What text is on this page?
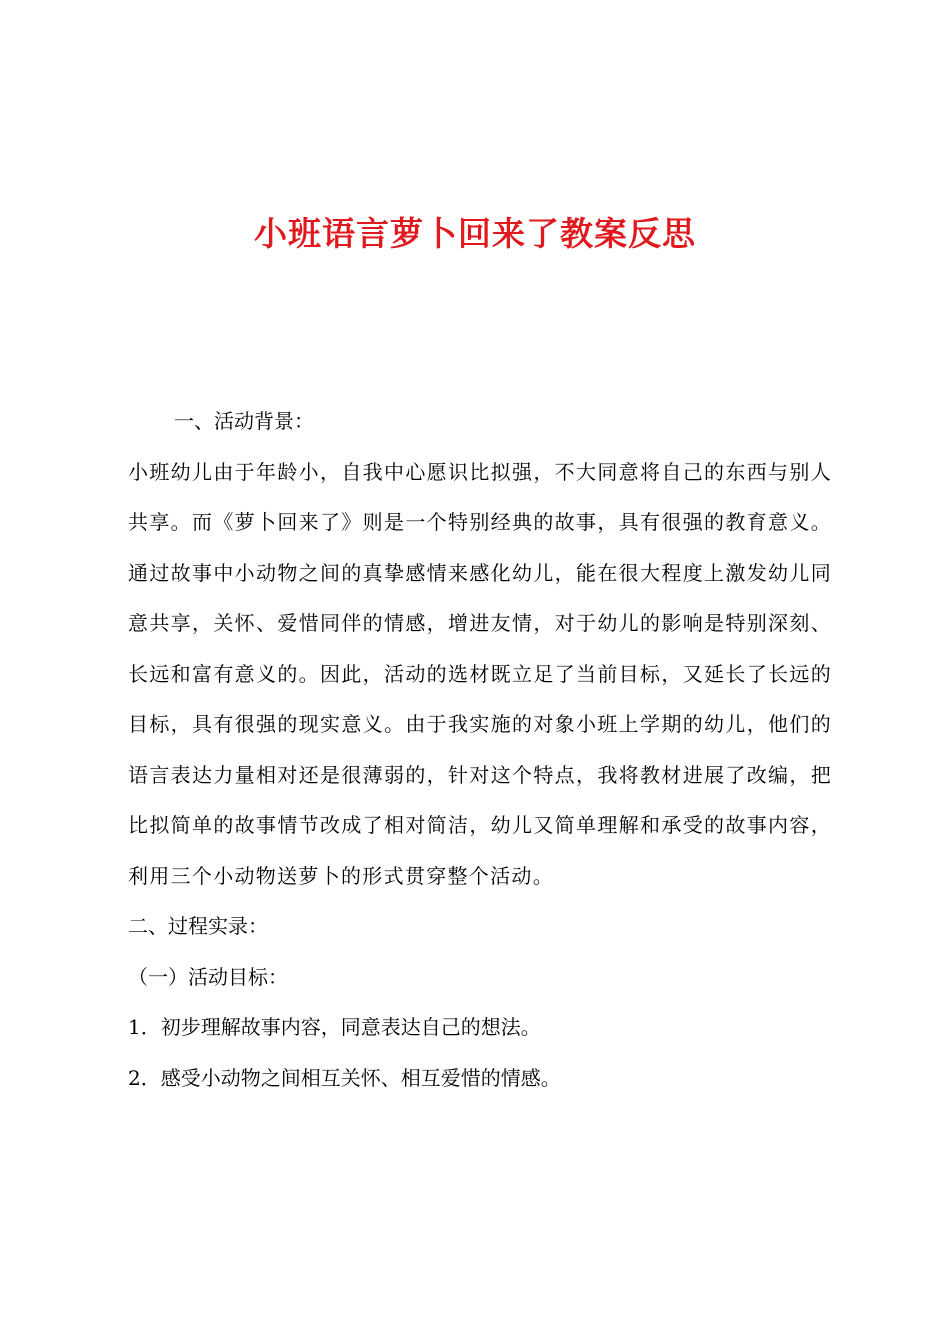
小班语言萝卜回来了教案反思

一、活动背景：

小班幼儿由于年龄小，自我中心愿识比拟强，不大同意将自己的东西与别人共享。而《萝卜回来了》则是一个特别经典的故事，具有很强的教育意义。通过故事中小动物之间的真挚感情来感化幼儿，能在很大程度上激发幼儿同意共享，关怀、爱惜同伴的情感，增进友情，对于幼儿的影响是特别深刻、长远和富有意义的。因此，活动的选材既立足了当前目标，又延长了长远的目标，具有很强的现实意义。由于我实施的对象小班上学期的幼儿，他们的语言表达力量相对还是很薄弱的，针对这个特点，我将教材进展了改编，把比拟简单的故事情节改成了相对简洁，幼儿又简单理解和承受的故事内容，利用三个小动物送萝卜的形式贯穿整个活动。

二、过程实录：

（一）活动目标：

1．初步理解故事内容，同意表达自己的想法。

2．感受小动物之间相互关怀、相互爱惜的情感。
